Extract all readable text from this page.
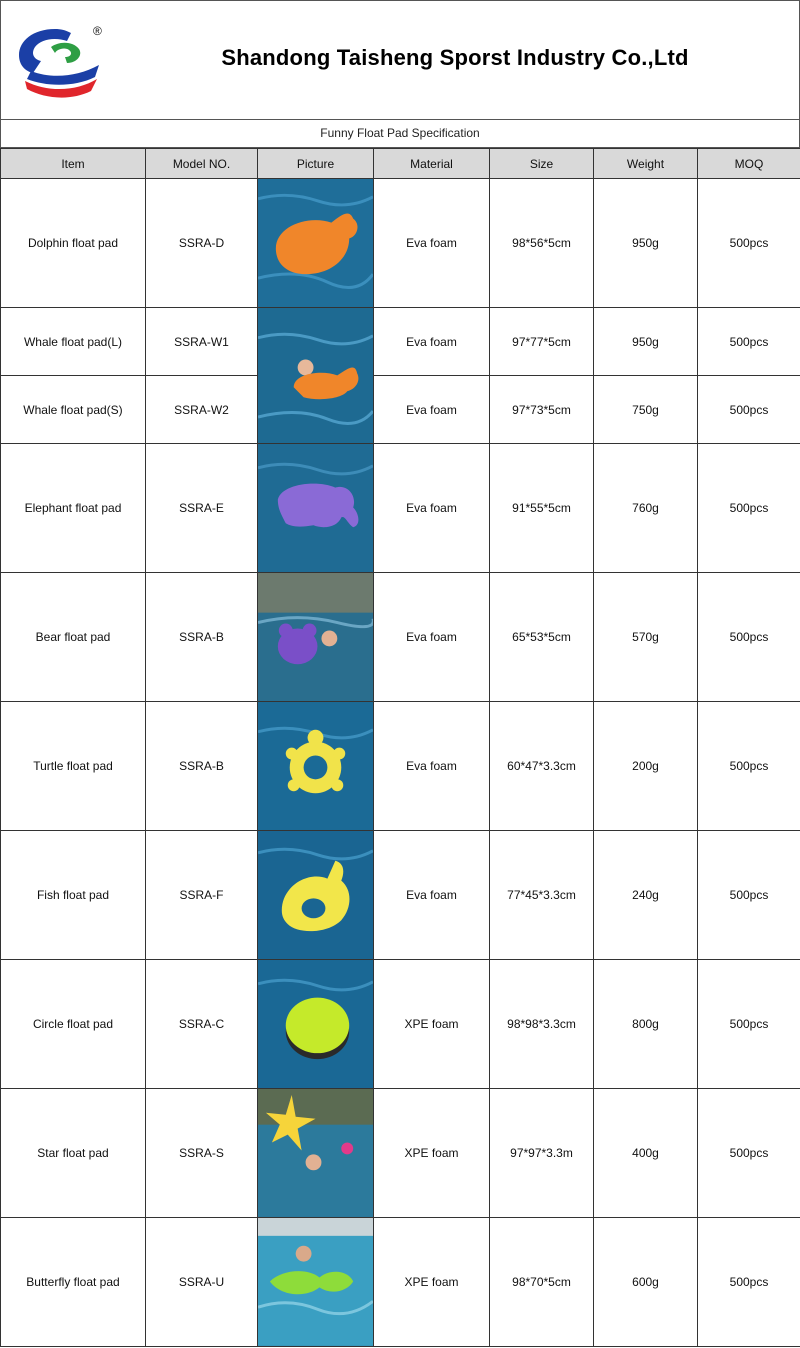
®
Shandong Taisheng Sporst Industry Co.,Ltd
Funny Float Pad Specification
Item	Model NO.	Picture	Material	Size	Weight	MOQ
Dolphin float pad	SSRA-D		Eva foam	98*56*5cm	950g	500pcs
Whale float pad(L)	SSRA-W1		Eva foam	97*77*5cm	950g	500pcs
Whale float pad(S)	SSRA-W2		Eva foam	97*73*5cm	750g	500pcs
Elephant float pad	SSRA-E		Eva foam	91*55*5cm	760g	500pcs
Bear float pad	SSRA-B		Eva foam	65*53*5cm	570g	500pcs
Turtle float pad	SSRA-B		Eva foam	60*47*3.3cm	200g	500pcs
Fish float pad	SSRA-F		Eva foam	77*45*3.3cm	240g	500pcs
Circle float pad	SSRA-C		XPE foam	98*98*3.3cm	800g	500pcs
Star float pad	SSRA-S		XPE foam	97*97*3.3m	400g	500pcs
Butterfly float pad	SSRA-U		XPE foam	98*70*5cm	600g	500pcs
